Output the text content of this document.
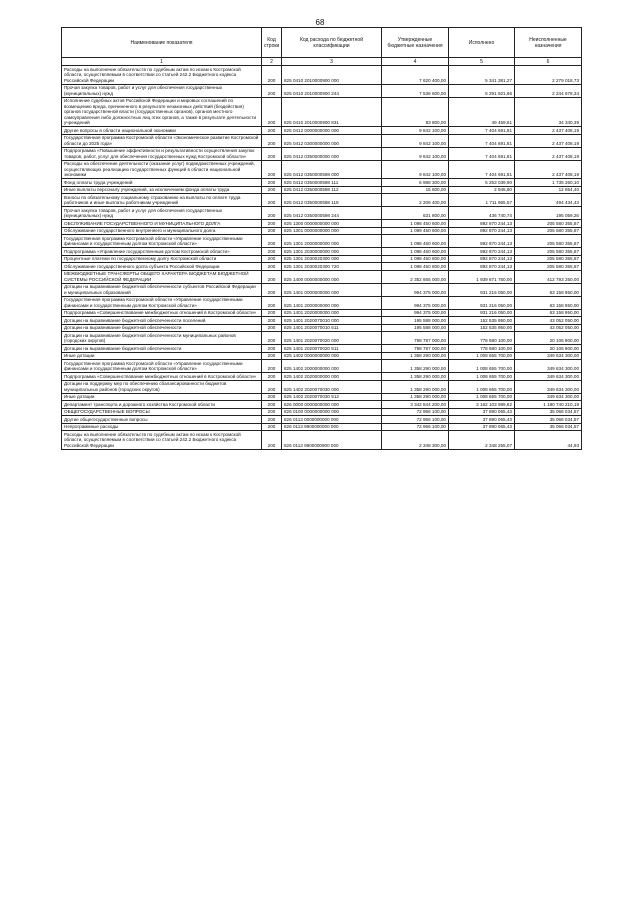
68
Наименование показателя	Код строки	Код расхода по бюджетной классификации	Утвержденные бюджетные назначения	Исполнено	Неисполненные назначения
1	2	3	4	5	6
Расходы на выполнение обязательств по судебным актам по искам к Костромской области, осуществляемым в соответствии со статьей 242.2 Бюджетного кодекса Российской Федерации	200	825 0410 2010000900 000	7 620 400,00	5 341 381,27	2 279 018,73
Прочая закупка товаров, работ и услуг для обеспечения государственных (муниципальных) нужд	200	825 0410 2010000900 244	7 536 600,00	5 291 921,66	2 244 678,34
Исполнение судебных актов Российской Федерации и мировых соглашений по возмещению вреда, причиненного в результате незаконных действий (бездействия) органов государственной власти (государственных органов), органов местного самоуправления либо должностных лиц этих органов, а также в результате деятельности учреждений	200	825 0410 2010000900 831	83 800,00	49 459,61	34 340,39
Другие вопросы в области национальной экономики	200	825 0412 0000000000 000	9 842 100,00	7 404 691,81	2 437 408,19
Государственная программа Костромской области «Экономическое развитие Костромской области до 2025 года»	200	825 0412 0300000000 000	9 842 100,00	7 404 691,81	2 437 408,19
Подпрограмма «Повышение эффективности и результативности осуществления закупок товаров, работ, услуг для обеспечения государственных нужд Костромской области»	200	825 0412 0350000000 000	9 842 100,00	7 404 691,81	2 437 408,19
Расходы на обеспечение деятельности (оказание услуг) подведомственных учреждений, осуществляющих реализацию государственных функций в области национальной экономики	200	825 0412 0350000598 000	9 842 100,00	7 404 691,81	2 437 408,19
Фонд оплаты труда учреждений	200	825 0412 0350000598 111	6 988 300,00	5 253 039,90	1 735 260,10
Иные выплаты персоналу учреждений, за исключением фонда оплаты труда	200	825 0412 0350000598 112	15 600,00	2 945,60	12 654,40
Взносы по обязательному социальному страхованию на выплаты по оплате труда работников и иные выплаты работникам учреждений	200	825 0412 0350000598 119	2 206 400,00	1 711 965,57	494 434,43
Прочая закупка товаров, работ и услуг для обеспечения государственных (муниципальных) нужд	200	825 0412 0350000598 244	631 800,00	436 740,74	195 059,26
ОБСЛУЖИВАНИЕ ГОСУДАРСТВЕННОГО И МУНИЦИПАЛЬНОГО ДОЛГА	200	825 1300 0000000000 000	1 098 450 600,00	892 870 244,13	205 580 355,87
Обслуживание государственного внутреннего и муниципального долга	200	825 1301 0000000000 000	1 099 450 600,00	892 870 244,13	205 580 355,87
Государственная программа Костромской области «Управление государственными финансами и государственным долгом Костромской области»	200	825 1301 2000000000 000	1 098 450 600,00	892 870 244,13	205 580 355,87
Подпрограмма «Управление государственным долгом Костромской области»	200	825 1301 2030000000 000	1 098 450 600,00	892 870 244,13	205 580 355,87
Процентные платежи по государственному долгу Костромской области	200	825 1301 2030020300 000	1 098 450 600,00	892 870 244,13	205 580 355,87
Обслуживание государственного долга субъекта Российской Федерации	200	825 1301 2030020300 720	1 098 450 600,00	892 870 244,13	205 580 355,87
МЕЖБЮДЖЕТНЫЕ ТРАНСФЕРТЫ ОБЩЕГО ХАРАКТЕРА БЮДЖЕТАМ БЮДЖЕТНОЙ СИСТЕМЫ РОССИЙСКОЙ ФЕДЕРАЦИИ	200	825 1400 0000000000 000	2 352 665 000,00	1 939 871 750,00	412 793 250,00
Дотации на выравнивание бюджетной обеспеченности субъектов Российской Федерации и муниципальных образований	200	825 1401 0000000000 000	994 375 000,00	931 216 050,00	63 158 950,00
Государственная программа Костромской области «Управление государственными финансами и государственным долгом Костромской области»	200	825 1401 2000000000 000	994 375 000,00	931 216 050,00	63 158 950,00
Подпрограмма «Совершенствование межбюджетных отношений в Костромской области»	200	825 1401 2020000000 000	994 375 000,00	931 216 050,00	63 158 950,00
Дотации на выравнивание бюджетной обеспеченности поселений	200	825 1401 2020070010 000	195 588 000,00	152 535 950,00	43 052 050,00
Дотации на выравнивание бюджетной обеспеченности	200	825 1401 2020070010 511	195 588 000,00	152 535 950,00	43 052 050,00
Дотации на выравнивание бюджетной обеспеченности муниципальных районов (городских округов)	200	825 1401 2020070020 000	798 787 000,00	778 680 100,00	20 106 900,00
Дотации на выравнивание бюджетной обеспеченности	200	825 1401 2020070020 511	798 787 000,00	778 680 100,00	20 106 900,00
Иные дотации	200	825 1402 0000000000 000	1 358 290 000,00	1 008 655 700,00	349 634 300,00
Государственная программа Костромской области «Управление государственными финансами и государственным долгом Костромской области»	200	825 1402 2000000000 000	1 358 290 000,00	1 008 655 700,00	349 634 300,00
Подпрограмма «Совершенствование межбюджетных отношений в Костромской области»	200	825 1402 2020000000 000	1 358 290 000,00	1 008 655 700,00	349 634 300,00
Дотации на поддержку мер по обеспечению сбалансированности бюджетов муниципальных районов (городских округов)	200	825 1402 2020070030 000	1 358 290 000,00	1 008 655 700,00	349 634 300,00
Иные дотации	200	825 1402 2020070030 512	1 358 290 000,00	1 008 655 700,00	349 634 300,00
Департамент транспорта и дорожного хозяйства Костромской области	200	826 0000 0000000000 000	3 342 844 200,00	2 162 103 989,82	1 180 740 210,18
ОБЩЕГОСУДАРСТВЕННЫЕ ВОПРОСЫ	200	826 0100 0000000000 000	72 956 100,00	37 890 065,43	35 066 034,57
Другие общегосударственные вопросы	200	826 0113 0000000000 000	72 956 100,00	37 890 065,43	35 066 034,57
Непрограммные расходы	200	826 0113 9900000000 000	72 956 100,00	37 890 065,43	35 066 034,57
Расходы на выполнение обязательств по судебным актам по искам к Костромской области, осуществляемым в соответствии со статьей 242.2 Бюджетного кодекса Российской Федерации	200	826 0113 9900000900 000	2 348 300,00	2 348 255,07	44,93
